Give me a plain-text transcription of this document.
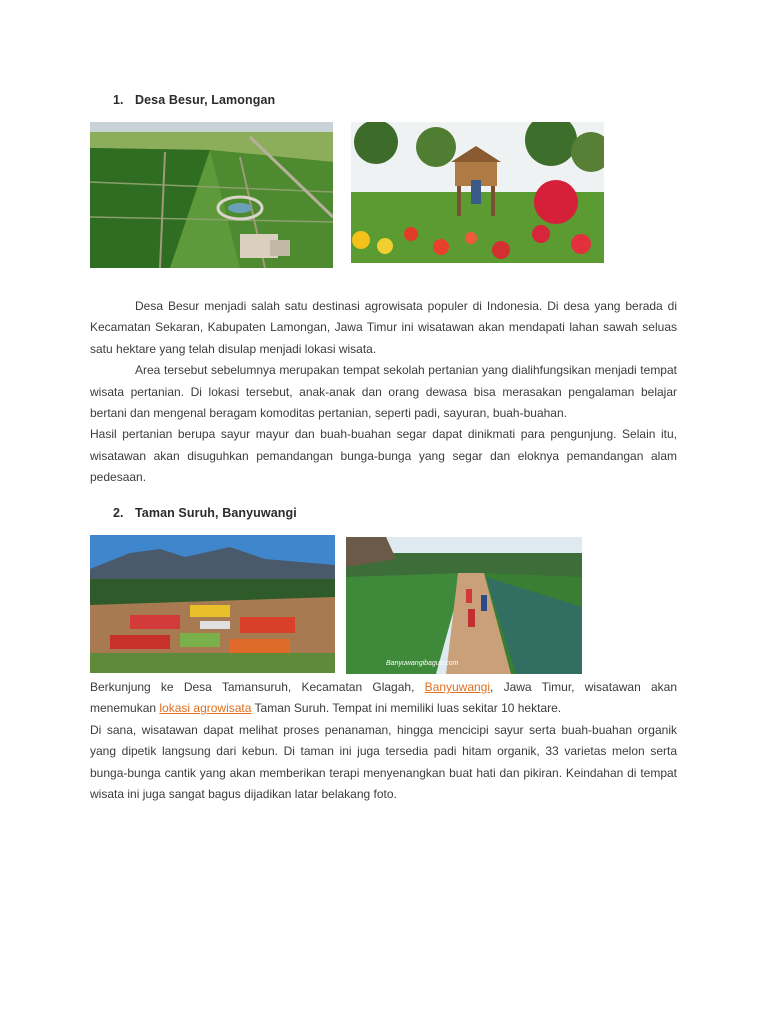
1. Desa Besur, Lamongan

Desa Besur menjadi salah satu destinasi agrowisata populer di Indonesia. Di desa yang berada di Kecamatan Sekaran, Kabupaten Lamongan, Jawa Timur ini wisatawan akan mendapati lahan sawah seluas satu hektare yang telah disulap menjadi lokasi wisata.

Area tersebut sebelumnya merupakan tempat sekolah pertanian yang dialihfungsikan menjadi tempat wisata pertanian. Di lokasi tersebut, anak-anak dan orang dewasa bisa merasakan pengalaman belajar bertani dan mengenal beragam komoditas pertanian, seperti padi, sayuran, buah-buahan.

Hasil pertanian berupa sayur mayur dan buah-buahan segar dapat dinikmati para pengunjung. Selain itu, wisatawan akan disuguhkan pemandangan bunga-bunga yang segar dan eloknya pemandangan alam pedesaan.

2. Taman Suruh, Banyuwangi
Banyuwangibagus.com

Berkunjung ke Desa Tamansuruh, Kecamatan Glagah, Banyuwangi, Jawa Timur, wisatawan akan menemukan lokasi agrowisata Taman Suruh. Tempat ini memiliki luas sekitar 10 hektare.

Di sana, wisatawan dapat melihat proses penanaman, hingga mencicipi sayur serta buah-buahan organik yang dipetik langsung dari kebun. Di taman ini juga tersedia padi hitam organik, 33 varietas melon serta bunga-bunga cantik yang akan memberikan terapi menyenangkan buat hati dan pikiran. Keindahan di tempat wisata ini juga sangat bagus dijadikan latar belakang foto.
